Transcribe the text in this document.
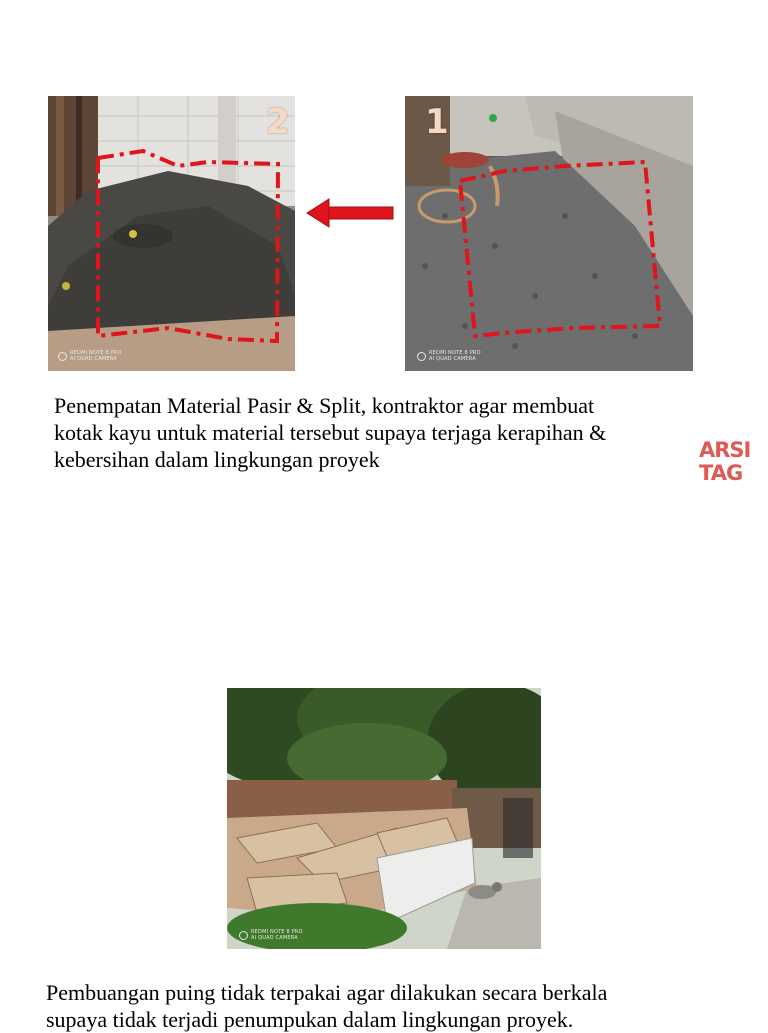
2
REDMI NOTE 8 PRO
AI QUAD CAMERA
1
REDMI NOTE 8 PRO
AI QUAD CAMERA
Penempatan Material Pasir & Split, kontraktor agar membuat
kotak kayu untuk material tersebut supaya terjaga kerapihan &
kebersihan dalam lingkungan proyek	ARSI
TAG
REDMI NOTE 8 PRO
AI QUAD CAMERA
Pembuangan puing tidak terpakai agar dilakukan secara berkala
supaya tidak terjadi penumpukan dalam lingkungan proyek.
